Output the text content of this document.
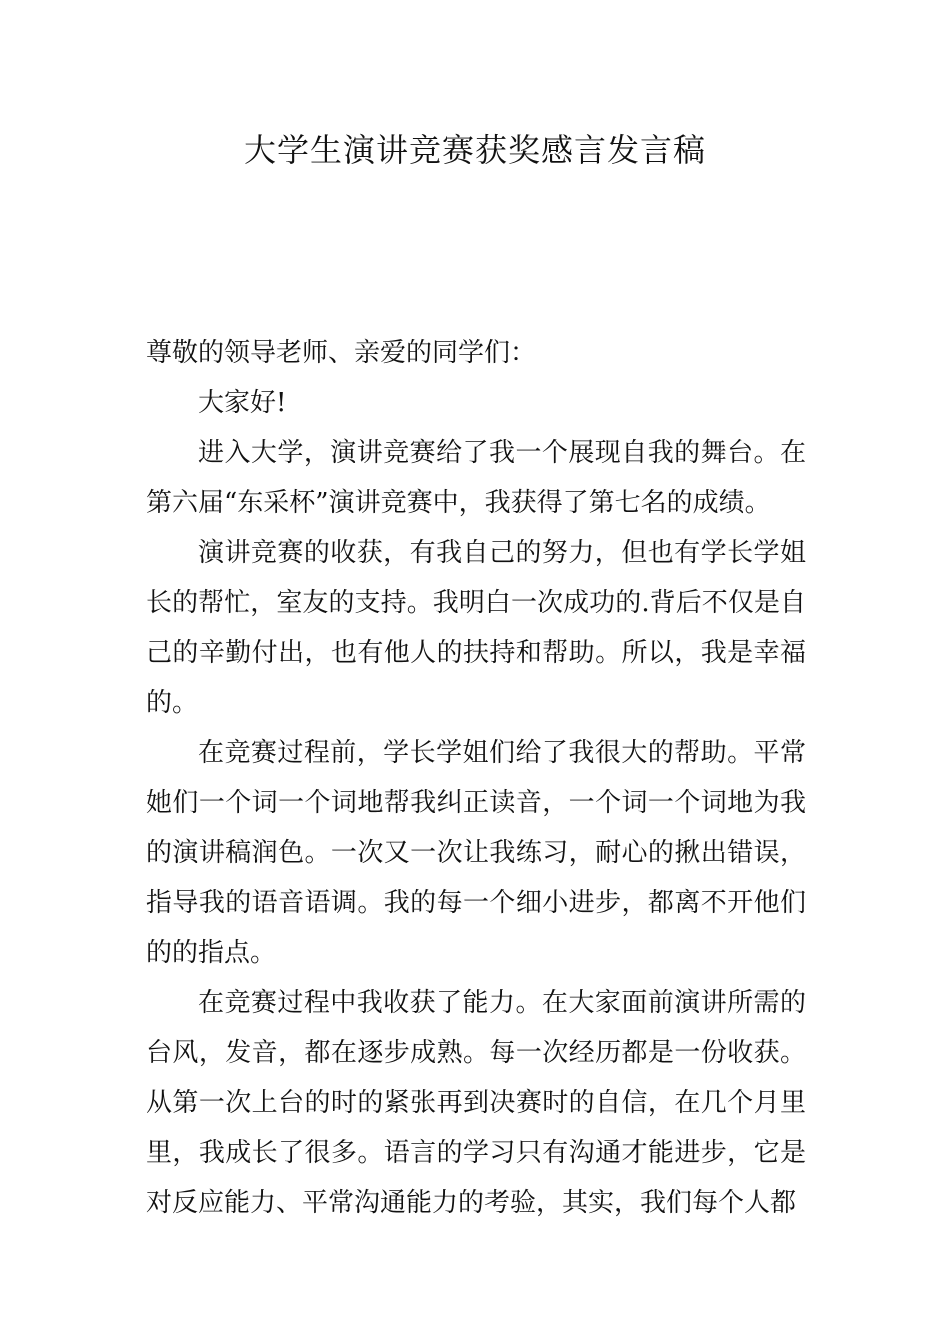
大学生演讲竞赛获奖感言发言稿

尊敬的领导老师、亲爱的同学们：

大家好!

进入大学，演讲竞赛给了我一个展现自我的舞台。在第六届“东采杯”演讲竞赛中，我获得了第七名的成绩。

演讲竞赛的收获，有我自己的努力，但也有学长学姐长的帮忙，室友的支持。我明白一次成功的.背后不仅是自己的辛勤付出，也有他人的扶持和帮助。所以，我是幸福的。

在竞赛过程前，学长学姐们给了我很大的帮助。平常她们一个词一个词地帮我纠正读音，一个词一个词地为我的演讲稿润色。一次又一次让我练习，耐心的揪出错误，指导我的语音语调。我的每一个细小进步，都离不开他们的的指点。

在竞赛过程中我收获了能力。在大家面前演讲所需的台风，发音，都在逐步成熟。每一次经历都是一份收获。从第一次上台的时的紧张再到决赛时的自信，在几个月里里，我成长了很多。语言的学习只有沟通才能进步，它是对反应能力、平常沟通能力的考验，其实，我们每个人都
